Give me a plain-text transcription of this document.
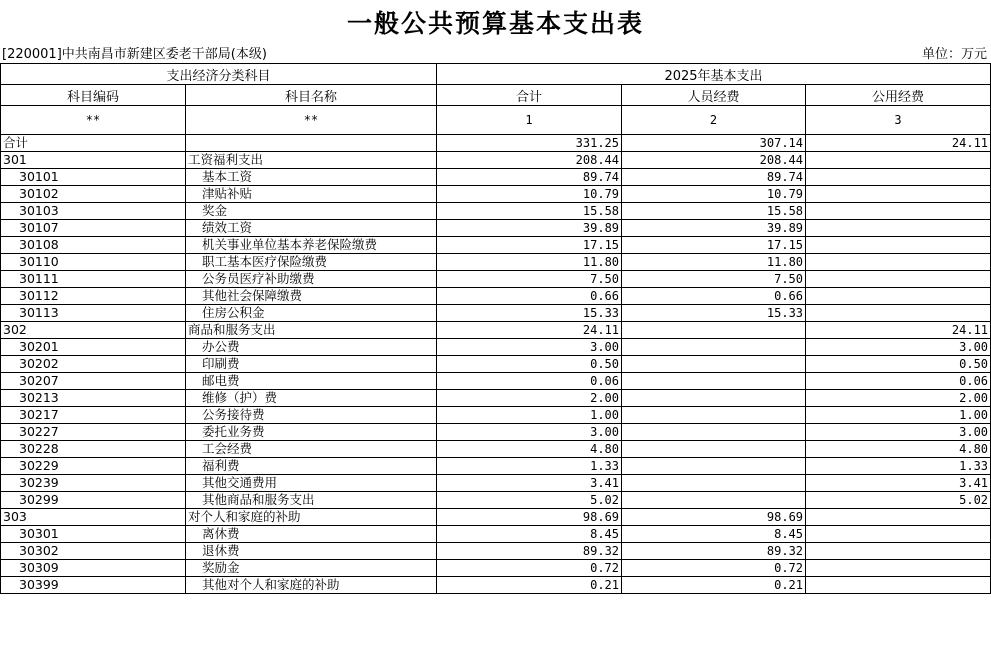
一般公共预算基本支出表
[220001]中共南昌市新建区委老干部局(本级)	单位：万元
支出经济分类科目		2025年基本支出		
科目编码	科目名称	合计	人员经费	公用经费
**	**	1	2	3
合计		331.25	307.14	24.11
301	工资福利支出	208.44	208.44	
30101	基本工资	89.74	89.74	
30102	津贴补贴	10.79	10.79	
30103	奖金	15.58	15.58	
30107	绩效工资	39.89	39.89	
30108	机关事业单位基本养老保险缴费	17.15	17.15	
30110	职工基本医疗保险缴费	11.80	11.80	
30111	公务员医疗补助缴费	7.50	7.50	
30112	其他社会保障缴费	0.66	0.66	
30113	住房公积金	15.33	15.33	
302	商品和服务支出	24.11		24.11
30201	办公费	3.00		3.00
30202	印刷费	0.50		0.50
30207	邮电费	0.06		0.06
30213	维修（护）费	2.00		2.00
30217	公务接待费	1.00		1.00
30227	委托业务费	3.00		3.00
30228	工会经费	4.80		4.80
30229	福利费	1.33		1.33
30239	其他交通费用	3.41		3.41
30299	其他商品和服务支出	5.02		5.02
303	对个人和家庭的补助	98.69	98.69	
30301	离休费	8.45	8.45	
30302	退休费	89.32	89.32	
30309	奖励金	0.72	0.72	
30399	其他对个人和家庭的补助	0.21	0.21	
